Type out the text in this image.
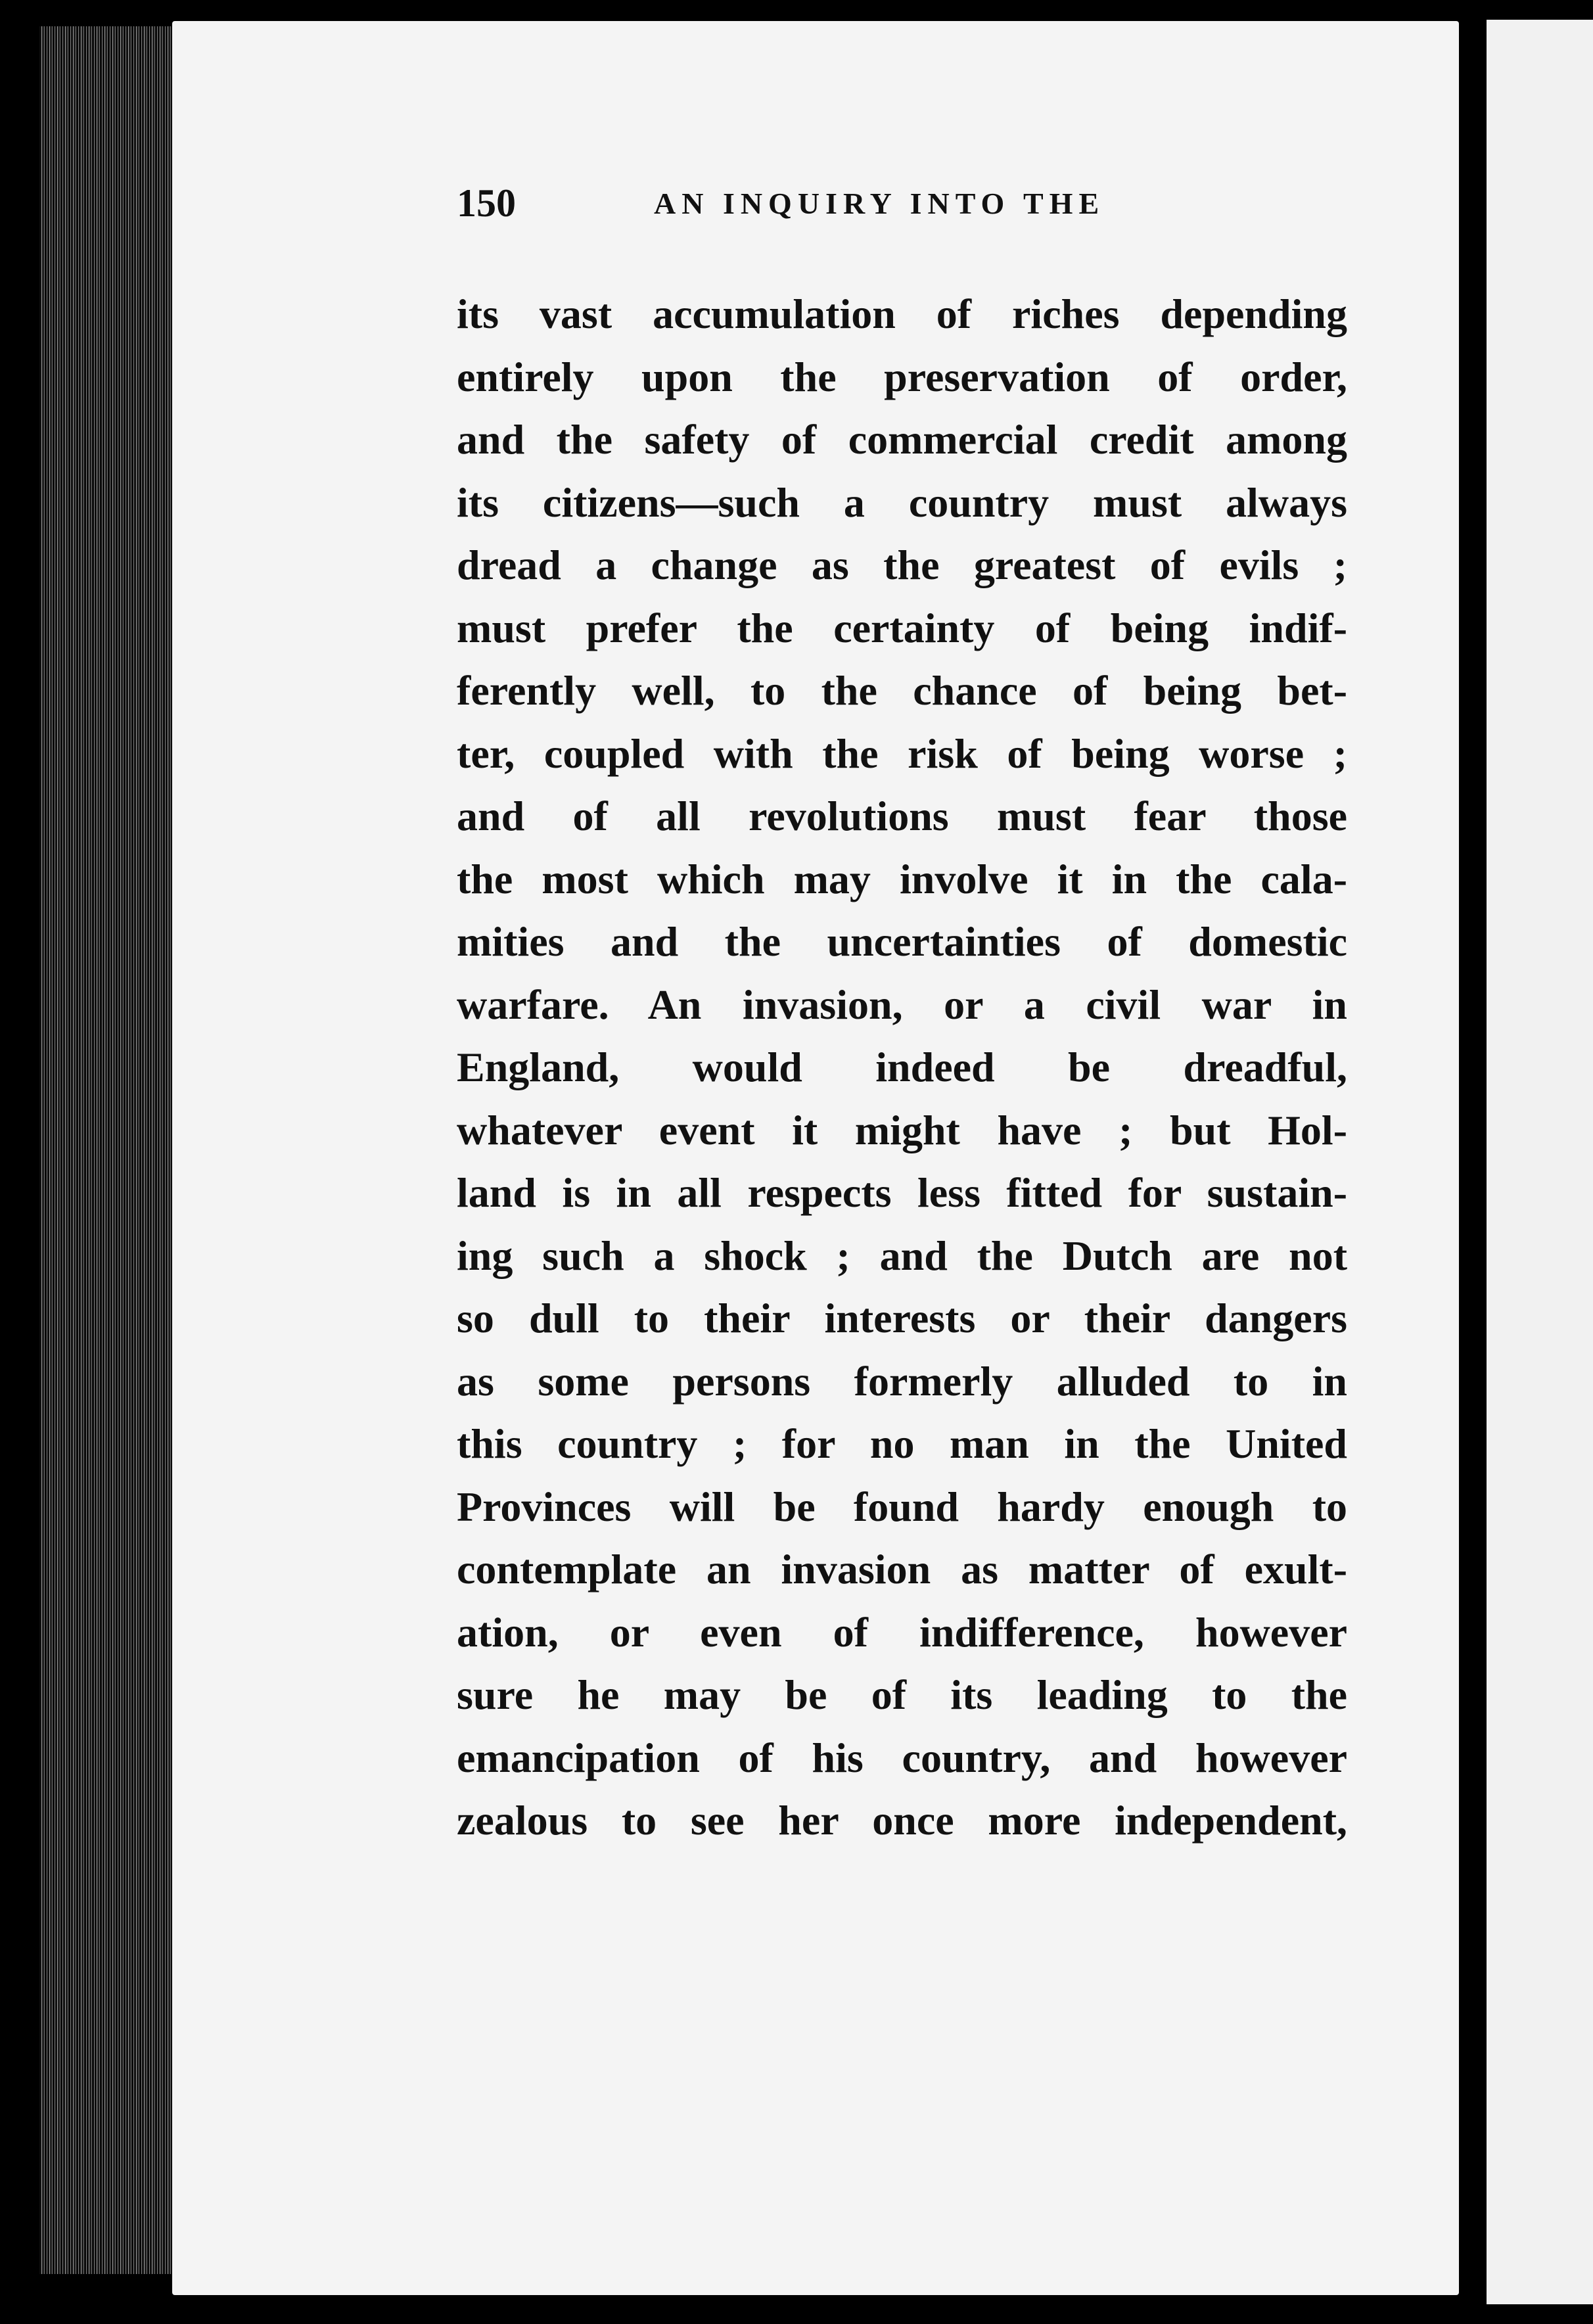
150	AN INQUIRY INTO THE
its vast accumulation of riches depending
entirely upon the preservation of order,
and the safety of commercial credit among
its citizens—such a country must always
dread a change as the greatest of evils ;
must prefer the certainty of being indif-
ferently well, to the chance of being bet-
ter, coupled with the risk of being worse ;
and of all revolutions must fear those
the most which may involve it in the cala-
mities and the uncertainties of domestic
warfare. An invasion, or a civil war in
England, would indeed be dreadful,
whatever event it might have ; but Hol-
land is in all respects less fitted for sustain-
ing such a shock ; and the Dutch are not
so dull to their interests or their dangers
as some persons formerly alluded to in
this country ; for no man in the United
Provinces will be found hardy enough to
contemplate an invasion as matter of exult-
ation, or even of indifference, however
sure he may be of its leading to the
emancipation of his country, and however
zealous to see her once more independent,
